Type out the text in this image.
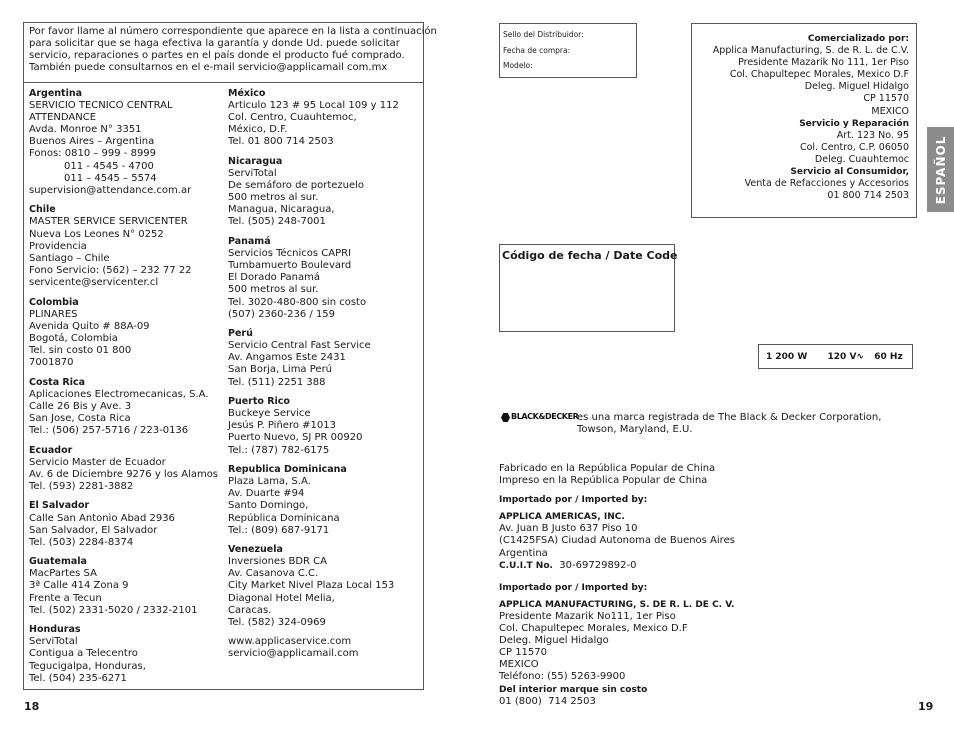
Por favor llame al número correspondiente que aparece en la lista a continuación
para solicitar que se haga efectiva la garantía y donde Ud. puede solicitar
servicio, reparaciones o partes en el país donde el producto fué comprado.
También puede consultarnos en el e-mail servicio@applicamail com.mx
Argentina
SERVICIO TECNICO CENTRAL
ATTENDANCE
Avda. Monroe N° 3351
Buenos Aires – Argentina
Fonos: 0810 – 999 - 8999
011 - 4545 - 4700
011 – 4545 – 5574
supervision@attendance.com.ar
Chile
MASTER SERVICE SERVICENTER
Nueva Los Leones N° 0252
Providencia
Santiago – Chile
Fono Servicio: (562) – 232 77 22
servicente@servicenter.cl
Colombia
PLINARES
Avenida Quito # 88A-09
Bogotá, Colombia
Tel. sin costo 01 800
7001870
Costa Rica
Aplicaciones Electromecanicas, S.A.
Calle 26 Bis y Ave. 3
San Jose, Costa Rica
Tel.: (506) 257-5716 / 223-0136
Ecuador
Servicio Master de Ecuador
Av. 6 de Diciembre 9276 y los Alamos
Tel. (593) 2281-3882
El Salvador
Calle San Antonio Abad 2936
San Salvador, El Salvador
Tel. (503) 2284-8374
Guatemala
MacPartes SA
3ª Calle 414 Zona 9
Frente a Tecun
Tel. (502) 2331-5020 / 2332-2101
Honduras
ServiTotal
Contigua a Telecentro
Tegucigalpa, Honduras,
Tel. (504) 235-6271
México
Articulo 123 # 95 Local 109 y 112
Col. Centro, Cuauhtemoc,
México, D.F.
Tel. 01 800 714 2503
Nicaragua
ServiTotal
De semáforo de portezuelo
500 metros al sur.
Managua, Nicaragua,
Tel. (505) 248-7001
Panamá
Servicios Técnicos CAPRI
Tumbamuerto Boulevard
El Dorado Panamá
500 metros al sur.
Tel. 3020-480-800 sin costo
(507) 2360-236 / 159
Perú
Servicio Central Fast Service
Av. Angamos Este 2431
San Borja, Lima Perú
Tel. (511) 2251 388
Puerto Rico
Buckeye Service
Jesús P. Piñero #1013
Puerto Nuevo, SJ PR 00920
Tel.: (787) 782-6175
Republica Dominicana
Plaza Lama, S.A.
Av. Duarte #94
Santo Domingo,
República Dominicana
Tel.: (809) 687-9171
Venezuela
Inversiones BDR CA
Av. Casanova C.C.
City Market Nivel Plaza Local 153
Diagonal Hotel Melia,
Caracas.
Tel. (582) 324-0969
www.applicaservice.com
servicio@applicamail.com
18
Sello del Distribuidor:
Fecha de compra:
Modelo:
Comercializado por:
Applica Manufacturing, S. de R. L. de C.V.
Presidente Mazarik No 111, 1er Piso
Col. Chapultepec Morales, Mexico D.F
Deleg. Miguel Hidalgo
CP 11570
MEXICO
Servicio y Reparación
Art. 123 No. 95
Col. Centro, C.P. 06050
Deleg. Cuauhtemoc
Servicio al Consumidor,
Venta de Refacciones y Accesorios
01 800 714 2503 ESPAÑOL
Código de fecha / Date Code
1 200 W 120 V∿ 60 Hz
BLACK&DECKER
es una marca registrada de The Black & Decker Corporation,
Towson, Maryland, E.U.
Fabricado en la República Popular de China
Impreso en la República Popular de China
Importado por / Imported by:
APPLICA AMERICAS, INC.
Av. Juan B Justo 637 Piso 10
(C1425FSA) Ciudad Autonoma de Buenos Aires
Argentina
C.U.I.T No. 30-69729892-0
Importado por / Imported by:
APPLICA MANUFACTURING, S. DE R. L. DE C. V.
Presidente Mazarik No111, 1er Piso
Col. Chapultepec Morales, Mexico D.F
Deleg. Miguel Hidalgo
CP 11570
MEXICO
Teléfono: (55) 5263-9900
Del interior marque sin costo
01 (800)  714 2503	19
